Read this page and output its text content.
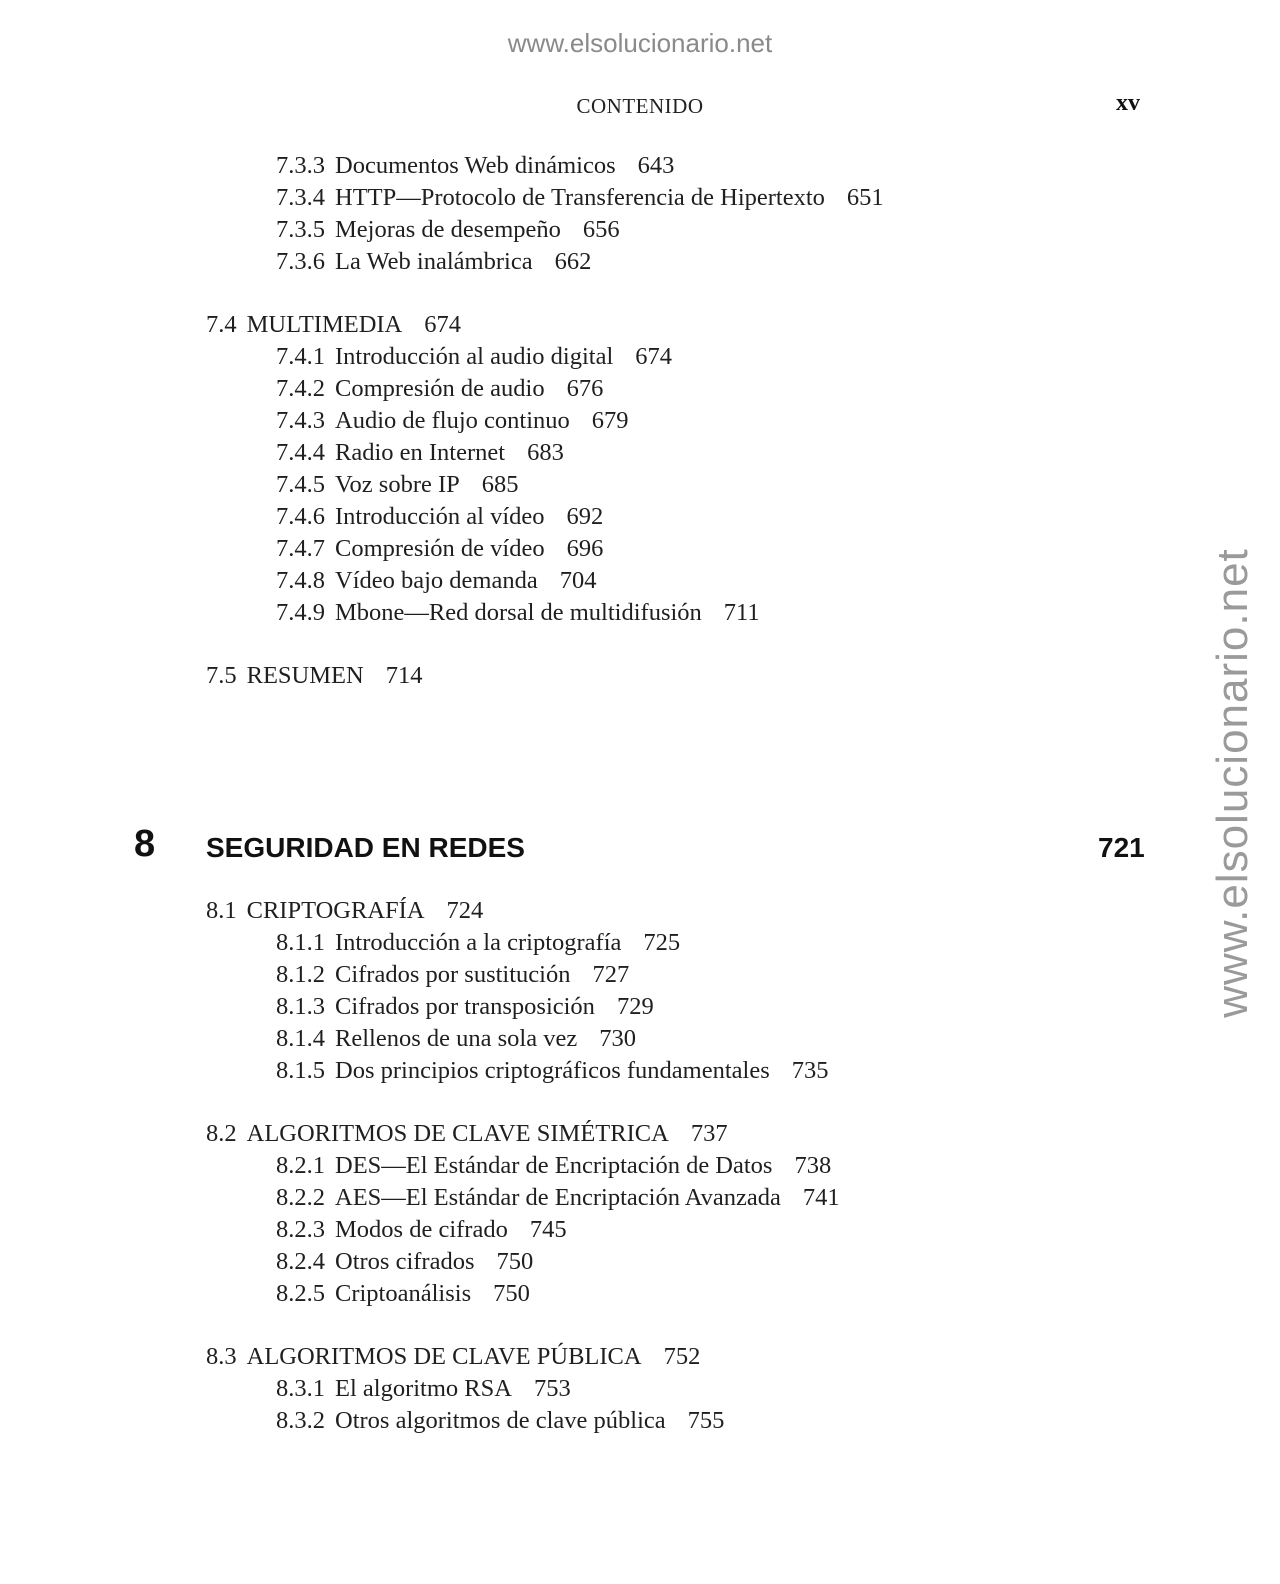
www.elsolucionario.net
www.elsolucionario.net
CONTENIDO	xv
7.3.3 Documentos Web dinámicos 643
7.3.4 HTTP—Protocolo de Transferencia de Hipertexto 651
7.3.5 Mejoras de desempeño 656
7.3.6 La Web inalámbrica 662
7.4 MULTIMEDIA 674
7.4.1 Introducción al audio digital 674
7.4.2 Compresión de audio 676
7.4.3 Audio de flujo continuo 679
7.4.4 Radio en Internet 683
7.4.5 Voz sobre IP 685
7.4.6 Introducción al vídeo 692
7.4.7 Compresión de vídeo 696
7.4.8 Vídeo bajo demanda 704
7.4.9 Mbone—Red dorsal de multidifusión 711
7.5 RESUMEN 714
8 SEGURIDAD EN REDES	721
8.1 CRIPTOGRAFÍA 724
8.1.1 Introducción a la criptografía 725
8.1.2 Cifrados por sustitución 727
8.1.3 Cifrados por transposición 729
8.1.4 Rellenos de una sola vez 730
8.1.5 Dos principios criptográficos fundamentales 735
8.2 ALGORITMOS DE CLAVE SIMÉTRICA 737
8.2.1 DES—El Estándar de Encriptación de Datos 738
8.2.2 AES—El Estándar de Encriptación Avanzada 741
8.2.3 Modos de cifrado 745
8.2.4 Otros cifrados 750
8.2.5 Criptoanálisis 750
8.3 ALGORITMOS DE CLAVE PÚBLICA 752
8.3.1 El algoritmo RSA 753
8.3.2 Otros algoritmos de clave pública 755
